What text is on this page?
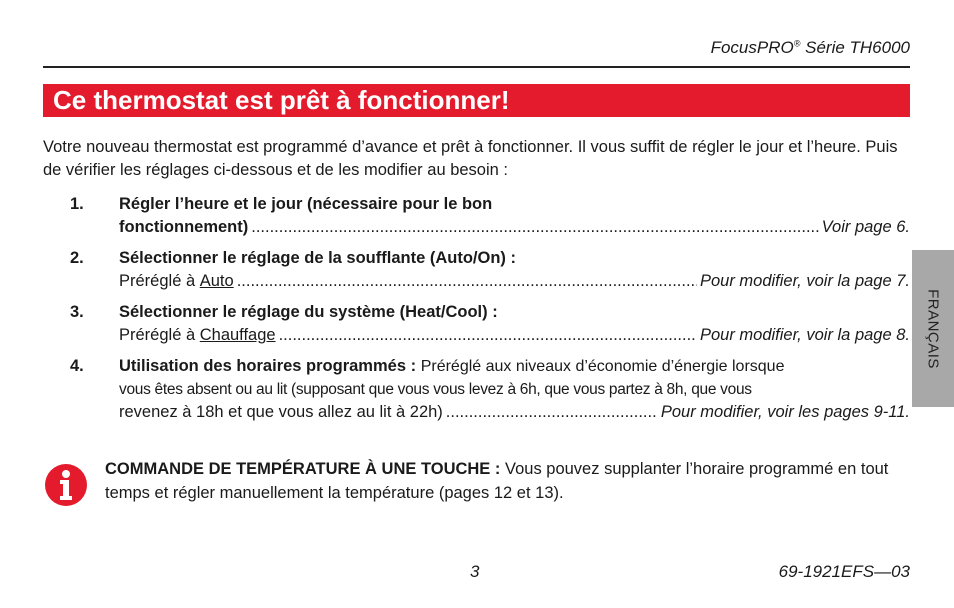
FocusPRO® Série TH6000
Ce thermostat est prêt à fonctionner!
Votre nouveau thermostat est programmé d’avance et prêt à fonctionner. Il vous suffit de régler le jour et l’heure. Puis de vérifier les réglages ci-dessous et de les modifier au besoin :
1. Régler l’heure et le jour (nécessaire pour le bon
fonctionnement) .....	Voir page 6.
2. Sélectionner le réglage de la soufflante (Auto/On) :
Préréglé à
Auto .....	Pour modifier, voir la page 7.
3. Sélectionner le réglage du système (Heat/Cool) :
Préréglé à
Chauffage .....	Pour modifier, voir la page 8.
4. Utilisation des horaires programmés :
Préréglé aux niveaux d’économie d’énergie lorsque
vous êtes absent ou au lit (supposant que vous vous levez à 6h, que vous partez à 8h, que vous
revenez à 18h et que vous allez au lit à 22h) .....	Pour modifier, voir les pages 9-11.
COMMANDE DE TEMPÉRATURE À UNE TOUCHE : Vous pouvez supplanter l’horaire programmé en tout temps et régler manuellement la température (pages 12 et 13).
FRANÇAIS
3	69-1921EFS—03
